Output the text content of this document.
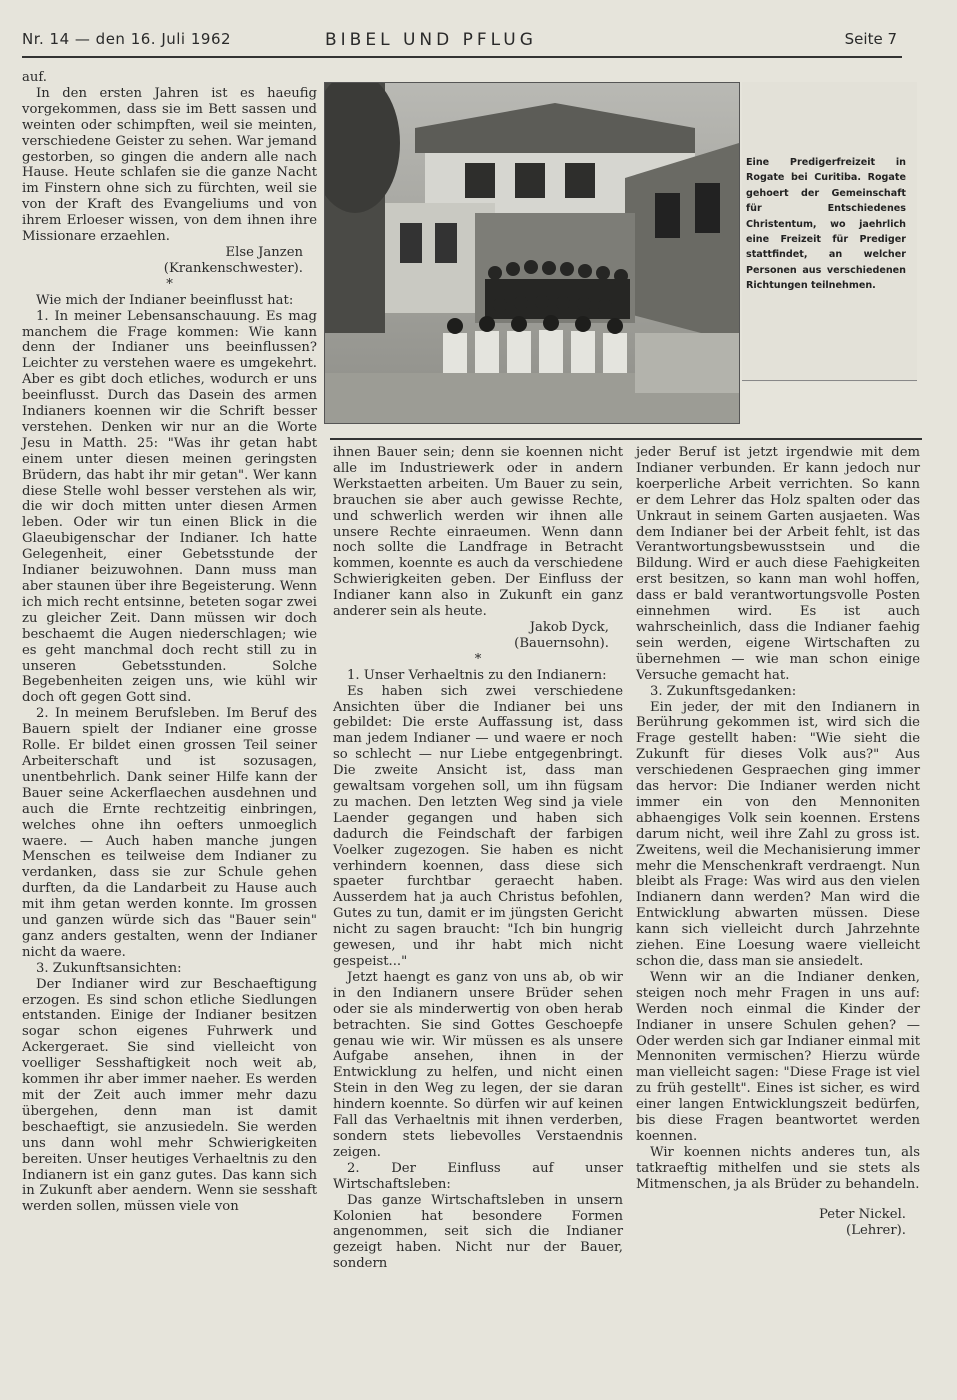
Nr. 14 — den 16. Juli 1962	BIBEL UND PFLUG	Seite 7

auf.

In den ersten Jahren ist es haeufig vorgekommen, dass sie im Bett sassen und weinten oder schimpften, weil sie meinten, verschiedene Geister zu sehen. War jemand gestorben, so gingen die andern alle nach Hause. Heute schlafen sie die ganze Nacht im Finstern ohne sich zu fürchten, weil sie von der Kraft des Evangeliums und von ihrem Erloeser wissen, von dem ihnen ihre Missionare erzaehlen.

Else Janzen

(Krankenschwester).

*

Wie mich der Indianer beeinflusst hat:

1. In meiner Lebensanschauung. Es mag manchem die Frage kommen: Wie kann denn der Indianer uns beeinflussen? Leichter zu verstehen waere es umgekehrt. Aber es gibt doch etliches, wodurch er uns beeinflusst. Durch das Dasein des armen Indianers koennen wir die Schrift besser verstehen. Denken wir nur an die Worte Jesu in Matth. 25: "Was ihr getan habt einem unter diesen meinen geringsten Brüdern, das habt ihr mir getan". Wer kann diese Stelle wohl besser verstehen als wir, die wir doch mitten unter diesen Armen leben. Oder wir tun einen Blick in die Glaeubigenschar der Indianer. Ich hatte Gelegenheit, einer Gebetsstunde der Indianer beizuwohnen. Dann muss man aber staunen über ihre Begeisterung. Wenn ich mich recht entsinne, beteten sogar zwei zu gleicher Zeit. Dann müssen wir doch beschaemt die Augen niederschlagen; wie es geht manchmal doch recht still zu in unseren Gebetsstunden. Solche Begebenheiten zeigen uns, wie kühl wir doch oft gegen Gott sind.

2. In meinem Berufsleben. Im Beruf des Bauern spielt der Indianer eine grosse Rolle. Er bildet einen grossen Teil seiner Arbeiterschaft und ist sozusagen, unentbehrlich. Dank seiner Hilfe kann der Bauer seine Ackerflaechen ausdehnen und auch die Ernte rechtzeitig einbringen, welches ohne ihn oefters unmoeglich waere. — Auch haben manche jungen Menschen es teilweise dem Indianer zu verdanken, dass sie zur Schule gehen durften, da die Landarbeit zu Hause auch mit ihm getan werden konnte. Im grossen und ganzen würde sich das "Bauer sein" ganz anders gestalten, wenn der Indianer nicht da waere.

3. Zukunftsansichten:

Der Indianer wird zur Beschaeftigung erzogen. Es sind schon etliche Siedlungen entstanden. Einige der Indianer besitzen sogar schon eigenes Fuhrwerk und Ackergeraet. Sie sind vielleicht von voelliger Sesshaftigkeit noch weit ab, kommen ihr aber immer naeher. Es werden mit der Zeit auch immer mehr dazu übergehen, denn man ist damit beschaeftigt, sie anzusiedeln. Sie werden uns dann wohl mehr Schwierigkeiten bereiten. Unser heutiges Verhaeltnis zu den Indianern ist ein ganz gutes. Das kann sich in Zukunft aber aendern. Wenn sie sesshaft werden sollen, müssen viele von

Eine Predigerfreizeit in Rogate bei Curitiba. Rogate gehoert der Gemeinschaft für Entschiedenes Christentum, wo jaehrlich eine Freizeit für Prediger stattfindet, an welcher Personen aus verschiedenen Richtungen teilnehmen.

ihnen Bauer sein; denn sie koennen nicht alle im Industriewerk oder in andern Werkstaetten arbeiten. Um Bauer zu sein, brauchen sie aber auch gewisse Rechte, und schwerlich werden wir ihnen alle unsere Rechte einraeumen. Wenn dann noch sollte die Landfrage in Betracht kommen, koennte es auch da verschiedene Schwierigkeiten geben. Der Einfluss der Indianer kann also in Zukunft ein ganz anderer sein als heute.

Jakob Dyck,

(Bauernsohn).

*

1. Unser Verhaeltnis zu den Indianern:

Es haben sich zwei verschiedene Ansichten über die Indianer bei uns gebildet: Die erste Auffassung ist, dass man jedem Indianer — und waere er noch so schlecht — nur Liebe entgegenbringt. Die zweite Ansicht ist, dass man gewaltsam vorgehen soll, um ihn fügsam zu machen. Den letzten Weg sind ja viele Laender gegangen und haben sich dadurch die Feindschaft der farbigen Voelker zugezogen. Sie haben es nicht verhindern koennen, dass diese sich spaeter furchtbar geraecht haben. Ausserdem hat ja auch Christus befohlen, Gutes zu tun, damit er im jüngsten Gericht nicht zu sagen braucht: "Ich bin hungrig gewesen, und ihr habt mich nicht gespeist..."

Jetzt haengt es ganz von uns ab, ob wir in den Indianern unsere Brüder sehen oder sie als minderwertig von oben herab betrachten. Sie sind Gottes Geschoepfe genau wie wir. Wir müssen es als unsere Aufgabe ansehen, ihnen in der Entwicklung zu helfen, und nicht einen Stein in den Weg zu legen, der sie daran hindern koennte. So dürfen wir auf keinen Fall das Verhaeltnis mit ihnen verderben, sondern stets liebevolles Verstaendnis zeigen.

2. Der Einfluss auf unser Wirtschaftsleben:

Das ganze Wirtschaftsleben in unsern Kolonien hat besondere Formen angenommen, seit sich die Indianer gezeigt haben. Nicht nur der Bauer, sondern

jeder Beruf ist jetzt irgendwie mit dem Indianer verbunden. Er kann jedoch nur koerperliche Arbeit verrichten. So kann er dem Lehrer das Holz spalten oder das Unkraut in seinem Garten ausjaeten. Was dem Indianer bei der Arbeit fehlt, ist das Verantwortungsbewusstsein und die Bildung. Wird er auch diese Faehigkeiten erst besitzen, so kann man wohl hoffen, dass er bald verantwortungsvolle Posten einnehmen wird. Es ist auch wahrscheinlich, dass die Indianer faehig sein werden, eigene Wirtschaften zu übernehmen — wie man schon einige Versuche gemacht hat.

3. Zukunftsgedanken:

Ein jeder, der mit den Indianern in Berührung gekommen ist, wird sich die Frage gestellt haben: "Wie sieht die Zukunft für dieses Volk aus?" Aus verschiedenen Gespraechen ging immer das hervor: Die Indianer werden nicht immer ein von den Mennoniten abhaengiges Volk sein koennen. Erstens darum nicht, weil ihre Zahl zu gross ist. Zweitens, weil die Mechanisierung immer mehr die Menschenkraft verdraengt. Nun bleibt als Frage: Was wird aus den vielen Indianern dann werden? Man wird die Entwicklung abwarten müssen. Diese kann sich vielleicht durch Jahrzehnte ziehen. Eine Loesung waere vielleicht schon die, dass man sie ansiedelt.

Wenn wir an die Indianer denken, steigen noch mehr Fragen in uns auf: Werden noch einmal die Kinder der Indianer in unsere Schulen gehen? — Oder werden sich gar Indianer einmal mit Mennoniten vermischen? Hierzu würde man vielleicht sagen: "Diese Frage ist viel zu früh gestellt". Eines ist sicher, es wird einer langen Entwicklungszeit bedürfen, bis diese Fragen beantwortet werden koennen.

Wir koennen nichts anderes tun, als tatkraeftig mithelfen und sie stets als Mitmenschen, ja als Brüder zu behandeln.

Peter Nickel.

(Lehrer).
